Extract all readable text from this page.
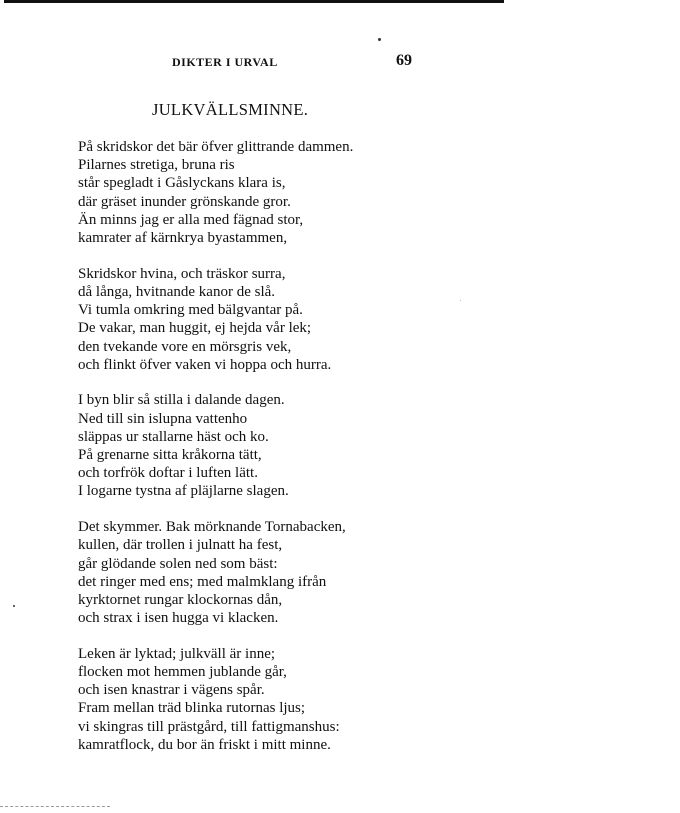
DIKTER I URVAL	69
JULKVÄLLSMINNE.
På skridskor det bär öfver glittrande dammen.
Pilarnes stretiga, bruna ris
står spegladt i Gåslyckans klara is,
där gräset inunder grönskande gror.
Än minns jag er alla med fägnad stor,
kamrater af kärnkrya byastammen,
Skridskor hvina, och träskor surra,
då långa, hvitnande kanor de slå.
Vi tumla omkring med bälgvantar på.
De vakar, man huggit, ej hejda vår lek;
den tvekande vore en mörsgris vek,
och flinkt öfver vaken vi hoppa och hurra.
I byn blir så stilla i dalande dagen.
Ned till sin islupna vattenho
släppas ur stallarne häst och ko.
På grenarne sitta kråkorna tätt,
och torfrök doftar i luften lätt.
I logarne tystna af pläjlarne slagen.
Det skymmer. Bak mörknande Tornabacken,
kullen, där trollen i julnatt ha fest,
går glödande solen ned som bäst:
det ringer med ens; med malmklang ifrån
kyrktornet rungar klockornas dån,
och strax i isen hugga vi klacken.
Leken är lyktad; julkväll är inne;
flocken mot hemmen jublande går,
och isen knastrar i vägens spår.
Fram mellan träd blinka rutornas ljus;
vi skingras till prästgård, till fattigmanshus:
kamratflock, du bor än friskt i mitt minne.
